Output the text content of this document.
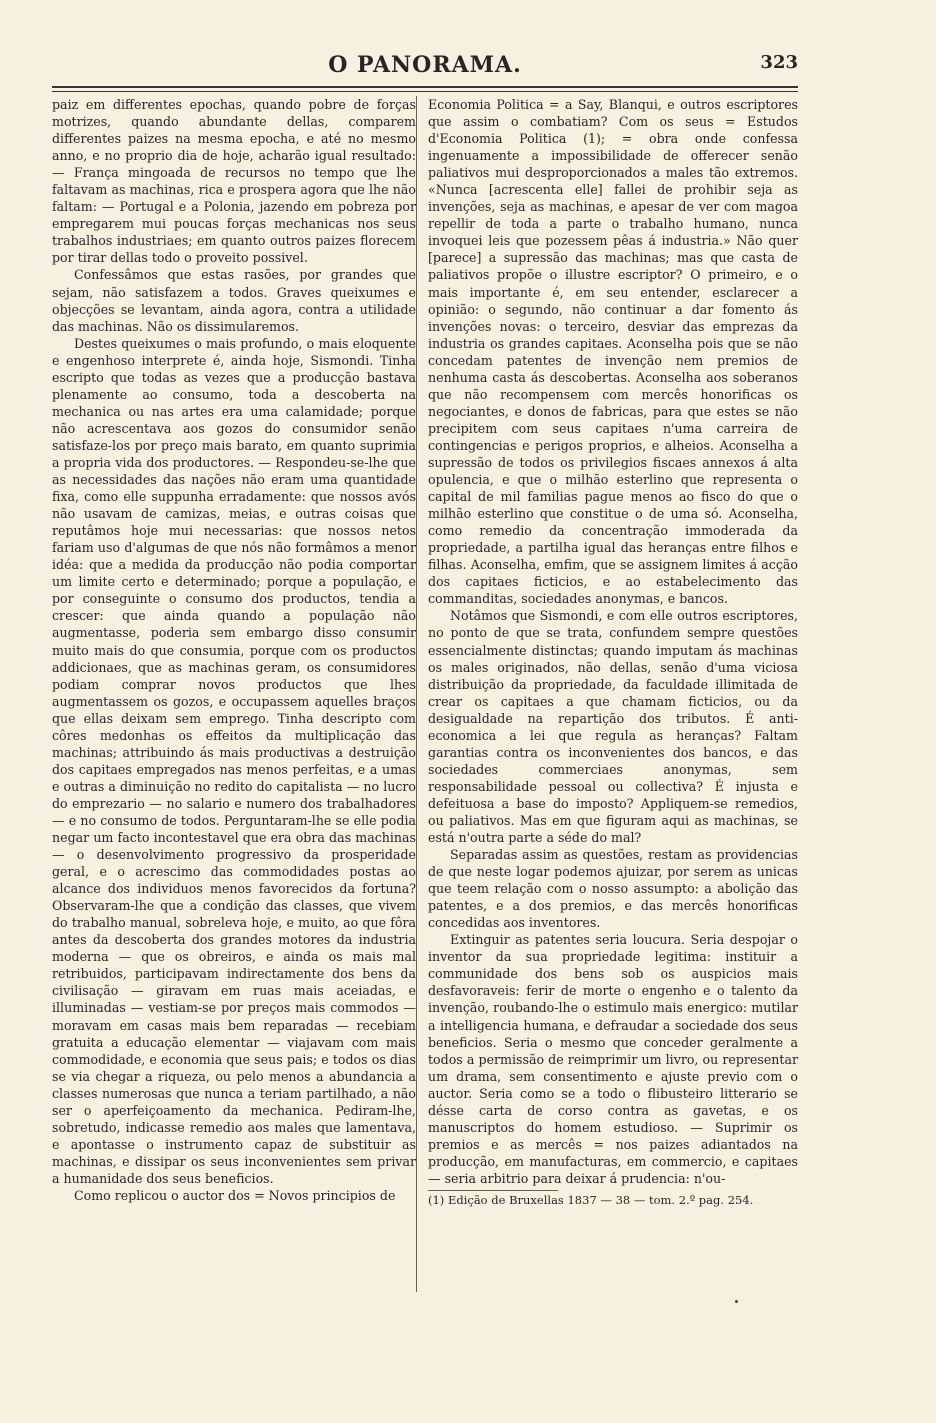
O PANORAMA.	323

paiz em differentes epochas, quando pobre de forças motrizes, quando abundante dellas, comparem differentes paizes na mesma epocha, e até no mesmo anno, e no proprio dia de hoje, acharão igual resultado: — França mingoada de recursos no tempo que lhe faltavam as machinas, rica e prospera agora que lhe não faltam: — Portugal e a Polonia, jazendo em pobreza por empregarem mui poucas forças mechanicas nos seus trabalhos industriaes; em quanto outros paizes florecem por tirar dellas todo o proveito possivel.

Confessâmos que estas rasões, por grandes que sejam, não satisfazem a todos. Graves queixumes e objecções se levantam, ainda agora, contra a utilidade das machinas. Não os dissimularemos.

Destes queixumes o mais profundo, o mais eloquente e engenhoso interprete é, ainda hoje, Sismondi. Tinha escripto que todas as vezes que a producção bastava plenamente ao consumo, toda a descoberta na mechanica ou nas artes era uma calamidade; porque não acrescentava aos gozos do consumidor senão satisfaze-los por preço mais barato, em quanto suprimia a propria vida dos productores. — Respondeu-se-lhe que as necessidades das nações não eram uma quantidade fixa, como elle suppunha erradamente: que nossos avós não usavam de camizas, meias, e outras coisas que reputâmos hoje mui necessarias: que nossos netos fariam uso d'algumas de que nós não formâmos a menor idéa: que a medida da producção não podia comportar um limite certo e determinado; porque a população, e por conseguinte o consumo dos productos, tendia a crescer: que ainda quando a população não augmentasse, poderia sem embargo disso consumir muito mais do que consumia, porque com os productos addicionaes, que as machinas geram, os consumidores podiam comprar novos productos que lhes augmentassem os gozos, e occupassem aquelles braços que ellas deixam sem emprego. Tinha descripto com côres medonhas os effeitos da multiplicação das machinas; attribuindo ás mais productivas a destruição dos capitaes empregados nas menos perfeitas, e a umas e outras a diminuição no redito do capitalista — no lucro do emprezario — no salario e numero dos trabalhadores — e no consumo de todos. Perguntaram-lhe se elle podia negar um facto incontestavel que era obra das machinas — o desenvolvimento progressivo da prosperidade geral, e o acrescimo das commodidades postas ao alcance dos individuos menos favorecidos da fortuna? Observaram-lhe que a condição das classes, que vivem do trabalho manual, sobreleva hoje, e muito, ao que fôra antes da descoberta dos grandes motores da industria moderna — que os obreiros, e ainda os mais mal retribuidos, participavam indirectamente dos bens da civilisação — giravam em ruas mais aceiadas, e illuminadas — vestiam-se por preços mais commodos — moravam em casas mais bem reparadas — recebiam gratuita a educação elementar — viajavam com mais commodidade, e economia que seus pais; e todos os dias se via chegar a riqueza, ou pelo menos a abundancia a classes numerosas que nunca a teriam partilhado, a não ser o aperfeiçoamento da mechanica. Pediram-lhe, sobretudo, indicasse remedio aos males que lamentava, e apontasse o instrumento capaz de substituir as machinas, e dissipar os seus inconvenientes sem privar a humanidade dos seus beneficios.

Como replicou o auctor dos = Novos principios de

Economia Politica = a Say, Blanqui, e outros escriptores que assim o combatiam? Com os seus = Estudos d'Economia Politica (1); = obra onde confessa ingenuamente a impossibilidade de offerecer senão paliativos mui desproporcionados a males tão extremos. «Nunca [acrescenta elle] fallei de prohibir seja as invenções, seja as machinas, e apesar de ver com magoa repellir de toda a parte o trabalho humano, nunca invoquei leis que pozessem pêas á industria.» Não quer [parece] a supressão das machinas; mas que casta de paliativos propõe o illustre escriptor? O primeiro, e o mais importante é, em seu entender, esclarecer a opinião: o segundo, não continuar a dar fomento ás invenções novas: o terceiro, desviar das emprezas da industria os grandes capitaes. Aconselha pois que se não concedam patentes de invenção nem premios de nenhuma casta ás descobertas. Aconselha aos soberanos que não recompensem com mercês honorificas os negociantes, e donos de fabricas, para que estes se não precipitem com seus capitaes n'uma carreira de contingencias e perigos proprios, e alheios. Aconselha a supressão de todos os privilegios fiscaes annexos á alta opulencia, e que o milhão esterlino que representa o capital de mil familias pague menos ao fisco do que o milhão esterlino que constitue o de uma só. Aconselha, como remedio da concentração immoderada da propriedade, a partilha igual das heranças entre filhos e filhas. Aconselha, emfim, que se assignem limites á acção dos capitaes ficticios, e ao estabelecimento das commanditas, sociedades anonymas, e bancos.

Notâmos que Sismondi, e com elle outros escriptores, no ponto de que se trata, confundem sempre questões essencialmente distinctas; quando imputam ás machinas os males originados, não dellas, senão d'uma viciosa distribuição da propriedade, da faculdade illimitada de crear os capitaes a que chamam ficticios, ou da desigualdade na repartição dos tributos. É anti-economica a lei que regula as heranças? Faltam garantias contra os inconvenientes dos bancos, e das sociedades commerciaes anonymas, sem responsabilidade pessoal ou collectiva? É injusta e defeituosa a base do imposto? Appliquem-se remedios, ou paliativos. Mas em que figuram aqui as machinas, se está n'outra parte a séde do mal?

Separadas assim as questões, restam as providencias de que neste logar podemos ajuizar, por serem as unicas que teem relação com o nosso assumpto: a abolição das patentes, e a dos premios, e das mercês honorificas concedidas aos inventores.

Extinguir as patentes seria loucura. Seria despojar o inventor da sua propriedade legitima: instituir a communidade dos bens sob os auspicios mais desfavoraveis: ferir de morte o engenho e o talento da invenção, roubando-lhe o estimulo mais energico: mutilar a intelligencia humana, e defraudar a sociedade dos seus beneficios. Seria o mesmo que conceder geralmente a todos a permissão de reimprimir um livro, ou representar um drama, sem consentimento e ajuste previo com o auctor. Seria como se a todo o flibusteiro litterario se désse carta de corso contra as gavetas, e os manuscriptos do homem estudioso. — Suprimir os premios e as mercês = nos paizes adiantados na producção, em manufacturas, em commercio, e capitaes — seria arbitrio para deixar á prudencia: n'ou-

(1) Edição de Bruxellas 1837 — 38 — tom. 2.º pag. 254.
